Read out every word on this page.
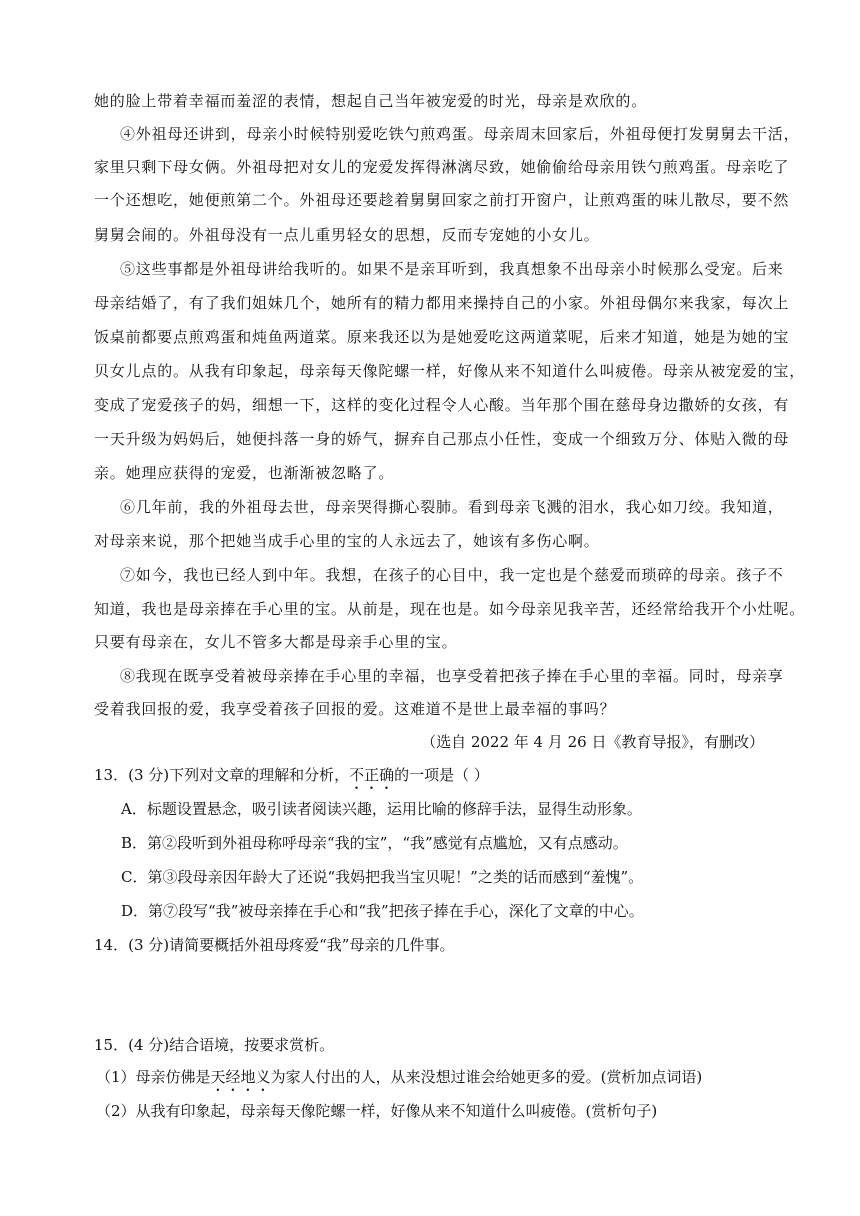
她的脸上带着幸福而羞涩的表情，想起自己当年被宠爱的时光，母亲是欢欣的。
④外祖母还讲到，母亲小时候特别爱吃铁勺煎鸡蛋。母亲周末回家后，外祖母便打发舅舅去干活，
家里只剩下母女俩。外祖母把对女儿的宠爱发挥得淋漓尽致，她偷偷给母亲用铁勺煎鸡蛋。母亲吃了
一个还想吃，她便煎第二个。外祖母还要趁着舅舅回家之前打开窗户，让煎鸡蛋的味儿散尽，要不然
舅舅会闹的。外祖母没有一点儿重男轻女的思想，反而专宠她的小女儿。
⑤这些事都是外祖母讲给我听的。如果不是亲耳听到，我真想象不出母亲小时候那么受宠。后来
母亲结婚了，有了我们姐妹几个，她所有的精力都用来操持自己的小家。外祖母偶尔来我家，每次上
饭桌前都要点煎鸡蛋和炖鱼两道菜。原来我还以为是她爱吃这两道菜呢，后来才知道，她是为她的宝
贝女儿点的。从我有印象起，母亲每天像陀螺一样，好像从来不知道什么叫疲倦。母亲从被宠爱的宝，
变成了宠爱孩子的妈，细想一下，这样的变化过程令人心酸。当年那个围在慈母身边撒娇的女孩，有
一天升级为妈妈后，她便抖落一身的娇气，摒弃自己那点小任性，变成一个细致万分、体贴入微的母
亲。她理应获得的宠爱，也渐渐被忽略了。
⑥几年前，我的外祖母去世，母亲哭得撕心裂肺。看到母亲飞溅的泪水，我心如刀绞。我知道，
对母亲来说，那个把她当成手心里的宝的人永远去了，她该有多伤心啊。
⑦如今，我也已经人到中年。我想，在孩子的心目中，我一定也是个慈爱而琐碎的母亲。孩子不
知道，我也是母亲捧在手心里的宝。从前是，现在也是。如今母亲见我辛苦，还经常给我开个小灶呢。
只要有母亲在，女儿不管多大都是母亲手心里的宝。
⑧我现在既享受着被母亲捧在手心里的幸福，也享受着把孩子捧在手心里的幸福。同时，母亲享
受着我回报的爱，我享受着孩子回报的爱。这难道不是世上最幸福的事吗？
（选自 2022 年 4 月 26 日《教育导报》，有删改）
13．(3 分)下列对文章的理解和分析，不正确的一项是（ ）
A．标题设置悬念，吸引读者阅读兴趣，运用比喻的修辞手法，显得生动形象。
B．第②段听到外祖母称呼母亲“我的宝”，“我”感觉有点尴尬，又有点感动。
C．第③段母亲因年龄大了还说“我妈把我当宝贝呢！”之类的话而感到“羞愧”。
D．第⑦段写“我”被母亲捧在手心和“我”把孩子捧在手心，深化了文章的中心。
14．(3 分)请简要概括外祖母疼爱“我”母亲的几件事。
15．(4 分)结合语境，按要求赏析。
（1）母亲仿佛是天经地义为家人付出的人，从来没想过谁会给她更多的爱。(赏析加点词语)
（2）从我有印象起，母亲每天像陀螺一样，好像从来不知道什么叫疲倦。(赏析句子)
